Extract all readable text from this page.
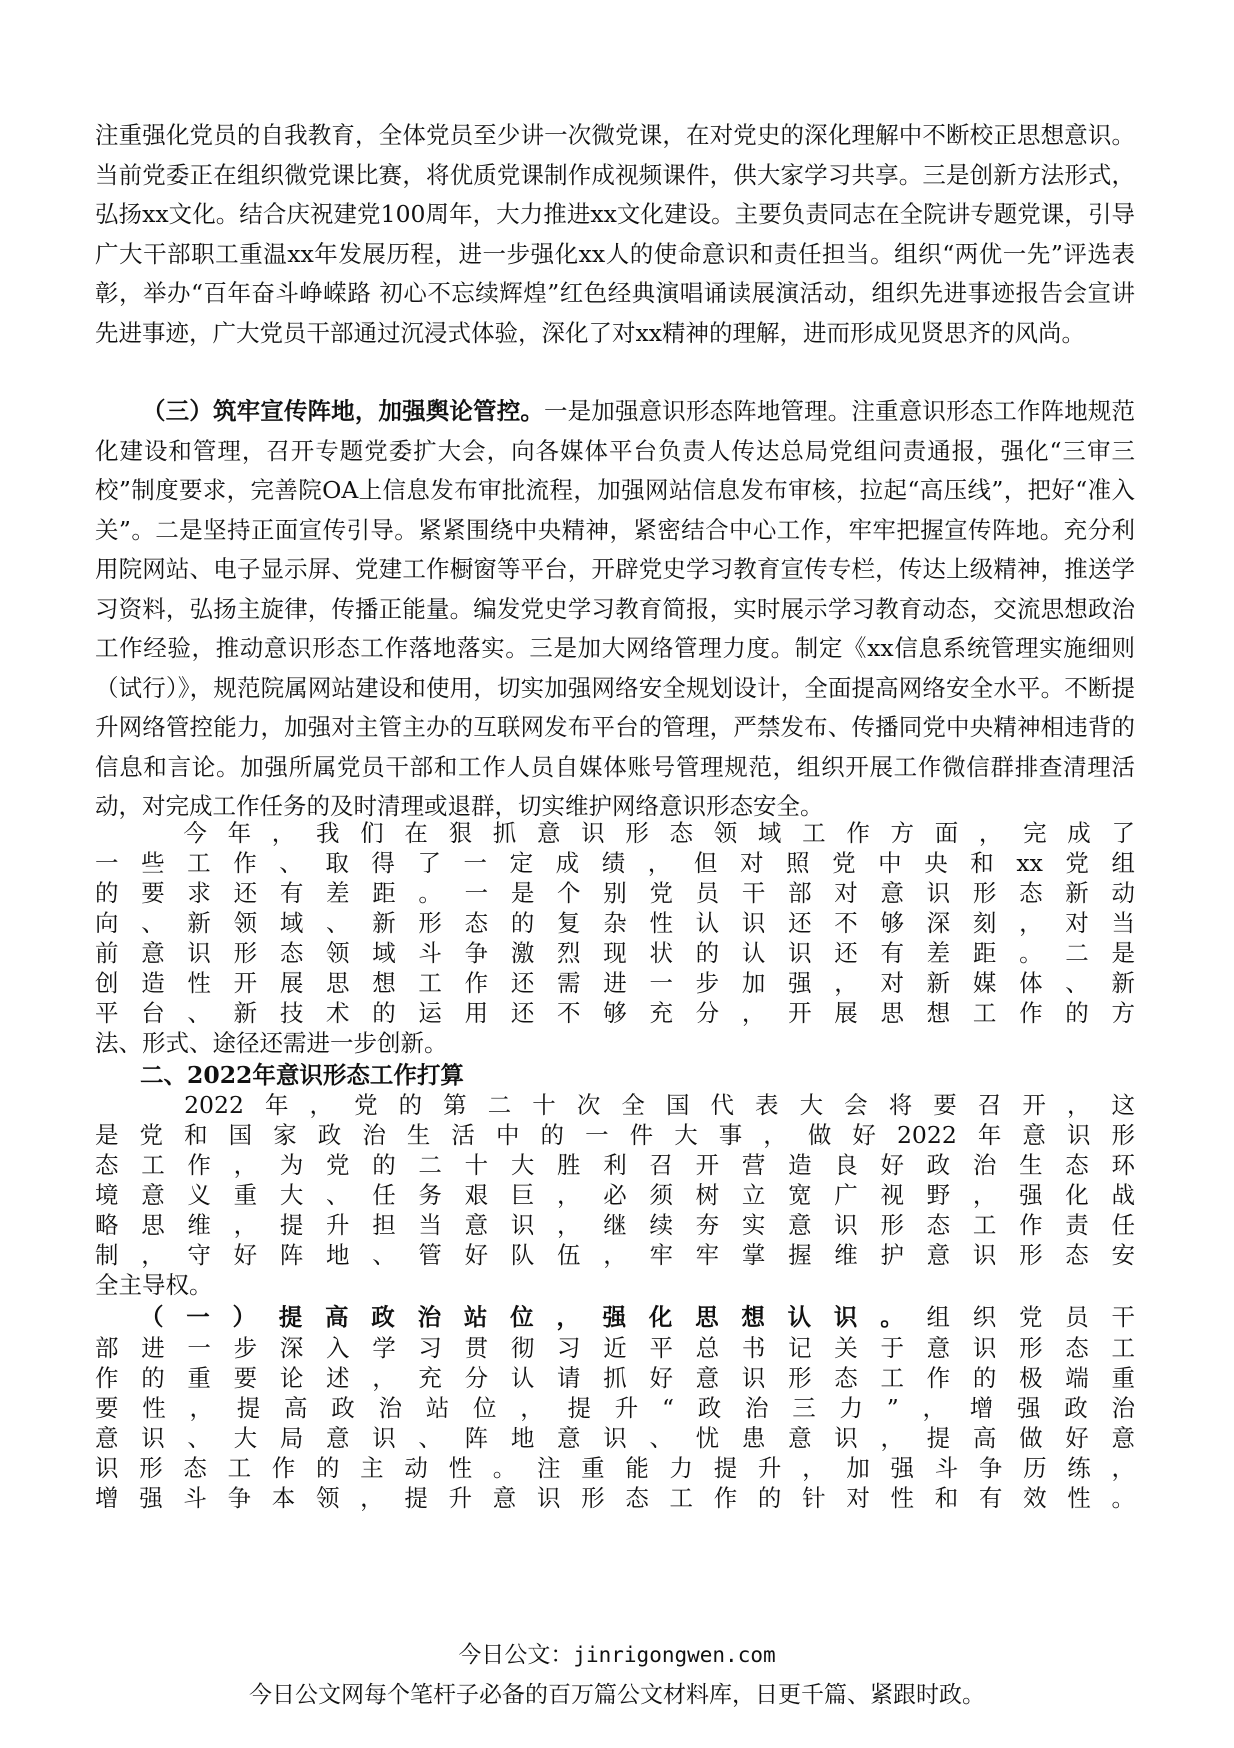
注重强化党员的自我教育，全体党员至少讲一次微党课，在对党史的深化理解中不断校正思想意识。当前党委正在组织微党课比赛，将优质党课制作成视频课件，供大家学习共享。三是创新方法形式，弘扬xx文化。结合庆祝建党100周年，大力推进xx文化建设。主要负责同志在全院讲专题党课，引导广大干部职工重温xx年发展历程，进一步强化xx人的使命意识和责任担当。组织“两优一先”评选表彰，举办“百年奋斗峥嵘路 初心不忘续辉煌”红色经典演唱诵读展演活动，组织先进事迹报告会宣讲先进事迹，广大党员干部通过沉浸式体验，深化了对xx精神的理解，进而形成见贤思齐的风尚。

（三）筑牢宣传阵地，加强舆论管控。一是加强意识形态阵地管理。注重意识形态工作阵地规范化建设和管理，召开专题党委扩大会，向各媒体平台负责人传达总局党组问责通报，强化“三审三校”制度要求，完善院OA上信息发布审批流程，加强网站信息发布审核，拉起“高压线”，把好“准入关”。二是坚持正面宣传引导。紧紧围绕中央精神，紧密结合中心工作，牢牢把握宣传阵地。充分利用院网站、电子显示屏、党建工作橱窗等平台，开辟党史学习教育宣传专栏，传达上级精神，推送学习资料，弘扬主旋律，传播正能量。编发党史学习教育简报，实时展示学习教育动态，交流思想政治工作经验，推动意识形态工作落地落实。三是加大网络管理力度。制定《xx信息系统管理实施细则（试行）》，规范院属网站建设和使用，切实加强网络安全规划设计，全面提高网络安全水平。不断提升网络管控能力，加强对主管主办的互联网发布平台的管理，严禁发布、传播同党中央精神相违背的信息和言论。加强所属党员干部和工作人员自媒体账号管理规范，组织开展工作微信群排查清理活动，对完成工作任务的及时清理或退群，切实维护网络意识形态安全。

　　今年，我们在狠抓意识形态领域工作方面，完成了

一些工作、取得了一定成绩，但对照党中央和xx党组

的要求还有差距。一是个别党员干部对意识形态新动

向、新领域、新形态的复杂性认识还不够深刻，对当

前意识形态领域斗争激烈现状的认识还有差距。二是

创造性开展思想工作还需进一步加强，对新媒体、新

平台、新技术的运用还不够充分，开展思想工作的方

法、形式、途径还需进一步创新。

二、2022年意识形态工作打算

　　2022年，党的第二十次全国代表大会将要召开，这

是党和国家政治生活中的一件大事，做好2022年意识形

态工作，为党的二十大胜利召开营造良好政治生态环

境意义重大、任务艰巨，必须树立宽广视野，强化战

略思维，提升担当意识，继续夯实意识形态工作责任

制，守好阵地、管好队伍，牢牢掌握维护意识形态安

全主导权。

（一）提高政治站位，强化思想认识。组织党员干

部进一步深入学习贯彻习近平总书记关于意识形态工

作的重要论述，充分认请抓好意识形态工作的极端重

要性，提高政治站位，提升“政治三力”，增强政治

意识、大局意识、阵地意识、忧患意识，提高做好意

识形态工作的主动性。注重能力提升，加强斗争历练，

增强斗争本领，提升意识形态工作的针对性和有效性。

今日公文：jinrigongwen.com
今日公文网每个笔杆子必备的百万篇公文材料库，日更千篇、紧跟时政。
